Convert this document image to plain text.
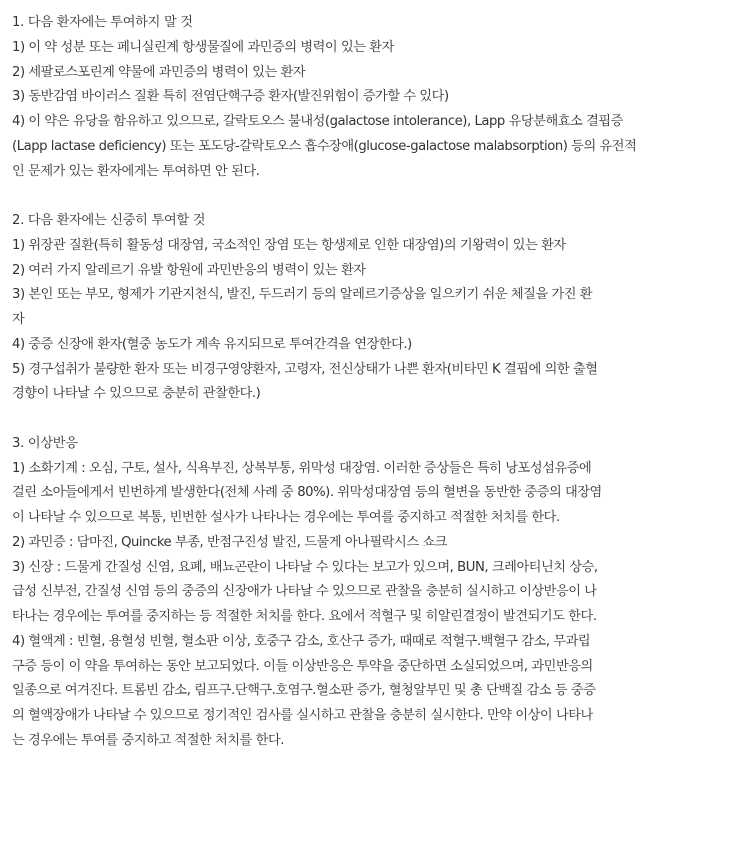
1. 다음 환자에는 투여하지 말 것
1) 이 약 성분 또는 페니실린계 항생물질에 과민증의 병력이 있는 환자
2) 세팔로스포린계 약물에 과민증의 병력이 있는 환자
3) 동반감염 바이러스 질환 특히 전염단핵구증 환자(발진위험이 증가할 수 있다)
4) 이 약은 유당을 함유하고 있으므로, 갈락토오스 불내성(galactose intolerance), Lapp 유당분해효소 결핍증
(Lapp lactase deficiency) 또는 포도당-갈락토오스 흡수장애(glucose-galactose malabsorption) 등의 유전적
인 문제가 있는 환자에게는 투여하면 안 된다.
2. 다음 환자에는 신중히 투여할 것
1) 위장관 질환(특히 활동성 대장염, 국소적인 장염 또는 항생제로 인한 대장염)의 기왕력이 있는 환자
2) 여러 가지 알레르기 유발 항원에 과민반응의 병력이 있는 환자
3) 본인 또는 부모, 형제가 기관지천식, 발진, 두드러기 등의 알레르기증상을 일으키기 쉬운 체질을 가진 환
자
4) 중증 신장애 환자(혈중 농도가 계속 유지되므로 투여간격을 연장한다.)
5) 경구섭취가 불량한 환자 또는 비경구영양환자, 고령자, 전신상태가 나쁜 환자(비타민 K 결핍에 의한 출혈
경향이 나타날 수 있으므로 충분히 관찰한다.)
3. 이상반응
1) 소화기계 : 오심, 구토, 설사, 식욕부진, 상복부통, 위막성 대장염. 이러한 증상들은 특히 낭포성섬유증에
걸린 소아들에게서 빈번하게 발생한다(전체 사례 중 80%). 위막성대장염 등의 혈변을 동반한 중증의 대장염
이 나타날 수 있으므로 복통, 빈번한 설사가 나타나는 경우에는 투여를 중지하고 적절한 처치를 한다.
2) 과민증 : 담마진, Quincke 부종, 반점구진성 발진, 드물게 아나필락시스 쇼크
3) 신장 : 드물게 간질성 신염, 요폐, 배뇨곤란이 나타날 수 있다는 보고가 있으며, BUN, 크레아티닌치 상승,
급성 신부전, 간질성 신염 등의 중증의 신장애가 나타날 수 있으므로 관찰을 충분히 실시하고 이상반응이 나
타나는 경우에는 투여를 중지하는 등 적절한 처치를 한다. 요에서 적혈구 및 히알린결정이 발견되기도 한다.
4) 혈액계 : 빈혈, 용혈성 빈혈, 혈소판 이상, 호중구 감소, 호산구 증가, 때때로 적혈구.백혈구 감소, 무과립
구증 등이 이 약을 투여하는 동안 보고되었다. 이들 이상반응은 투약을 중단하면 소실되었으며, 과민반응의
일종으로 여겨진다. 트롬빈 감소, 림프구.단핵구.호염구.혈소판 증가, 혈청알부민 및 총 단백질 감소 등 중증
의 혈액장애가 나타날 수 있으므로 정기적인 검사를 실시하고 관찰을 충분히 실시한다. 만약 이상이 나타나
는 경우에는 투여를 중지하고 적절한 처치를 한다.
